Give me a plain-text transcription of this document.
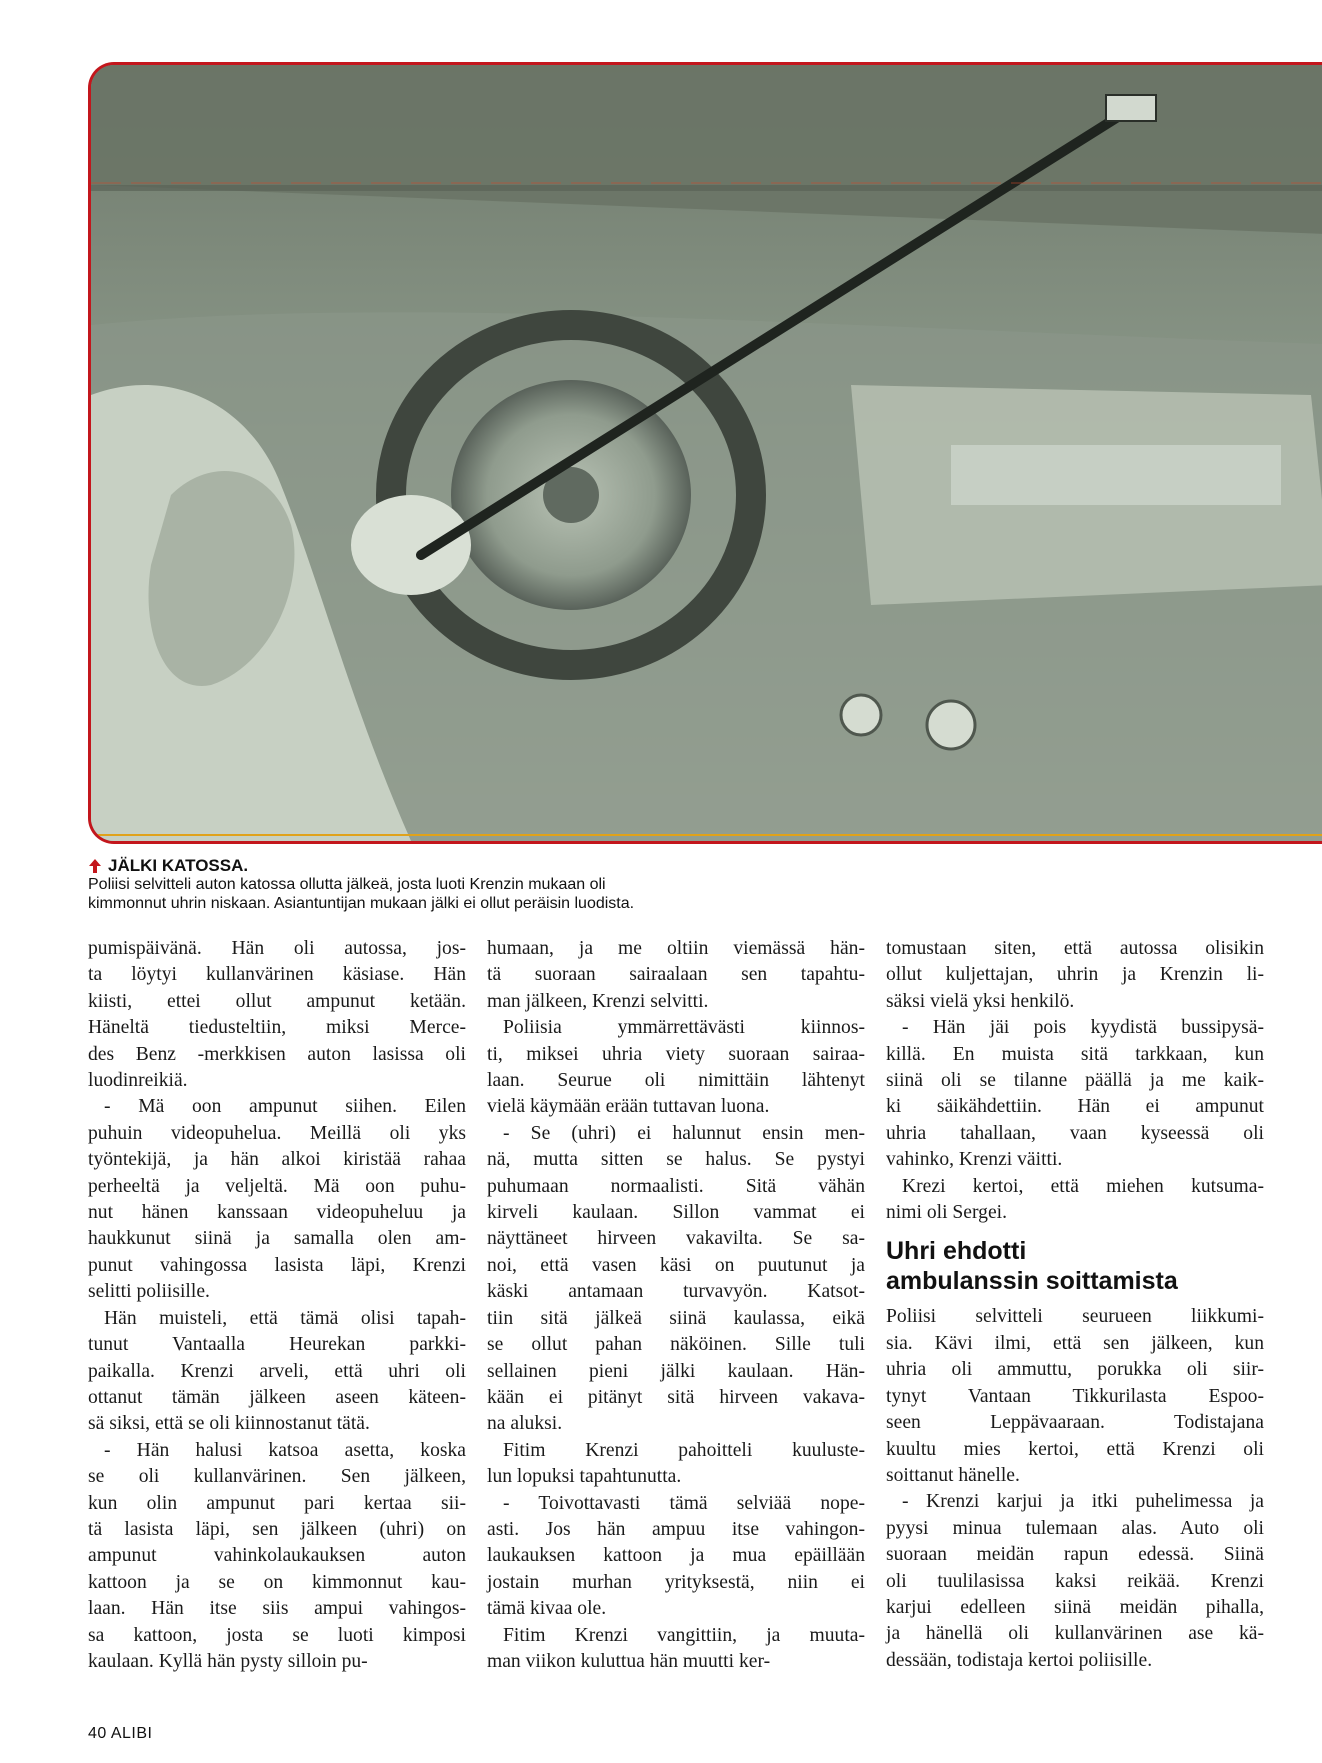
JÄLKI KATOSSA.
Poliisi selvitteli auton katossa ollutta jälkeä, josta luoti Krenzin mukaan oli
kimmonnut uhrin niskaan. Asiantuntijan mukaan jälki ei ollut peräisin luodista.

pumispäivänä. Hän oli autossa, jos-
ta löytyi kullanvärinen käsiase. Hän
kiisti, ettei ollut ampunut ketään.
Häneltä tiedusteltiin, miksi Merce-
des Benz -merkkisen auton lasissa oli
luodinreikiä.

- Mä oon ampunut siihen. Eilen
puhuin videopuhelua. Meillä oli yks
työntekijä, ja hän alkoi kiristää rahaa
perheeltä ja veljeltä. Mä oon puhu-
nut hänen kanssaan videopuheluu ja
haukkunut siinä ja samalla olen am-
punut vahingossa lasista läpi, Krenzi
selitti poliisille.

Hän muisteli, että tämä olisi tapah-
tunut Vantaalla Heurekan parkki-
paikalla. Krenzi arveli, että uhri oli
ottanut tämän jälkeen aseen käteen-
sä siksi, että se oli kiinnostanut tätä.

- Hän halusi katsoa asetta, koska
se oli kullanvärinen. Sen jälkeen,
kun olin ampunut pari kertaa sii-
tä lasista läpi, sen jälkeen (uhri) on
ampunut vahinkolaukauksen auton
kattoon ja se on kimmonnut kau-
laan. Hän itse siis ampui vahingos-
sa kattoon, josta se luoti kimposi
kaulaan. Kyllä hän pysty silloin pu-

humaan, ja me oltiin viemässä hän-
tä suoraan sairaalaan sen tapahtu-
man jälkeen, Krenzi selvitti.

Poliisia ymmärrettävästi kiinnos-
ti, miksei uhria viety suoraan sairaa-
laan. Seurue oli nimittäin lähtenyt
vielä käymään erään tuttavan luona.

- Se (uhri) ei halunnut ensin men-
nä, mutta sitten se halus. Se pystyi
puhumaan normaalisti. Sitä vähän
kirveli kaulaan. Sillon vammat ei
näyttäneet hirveen vakavilta. Se sa-
noi, että vasen käsi on puutunut ja
käski antamaan turvavyön. Katsot-
tiin sitä jälkeä siinä kaulassa, eikä
se ollut pahan näköinen. Sille tuli
sellainen pieni jälki kaulaan. Hän-
kään ei pitänyt sitä hirveen vakava-
na aluksi.

Fitim Krenzi pahoitteli kuuluste-
lun lopuksi tapahtunutta.

- Toivottavasti tämä selviää nope-
asti. Jos hän ampuu itse vahingon-
laukauksen kattoon ja mua epäillään
jostain murhan yrityksestä, niin ei
tämä kivaa ole.

Fitim Krenzi vangittiin, ja muuta-
man viikon kuluttua hän muutti ker-

tomustaan siten, että autossa olisikin
ollut kuljettajan, uhrin ja Krenzin li-
säksi vielä yksi henkilö.

- Hän jäi pois kyydistä bussipysä-
killä. En muista sitä tarkkaan, kun
siinä oli se tilanne päällä ja me kaik-
ki säikähdettiin. Hän ei ampunut
uhria tahallaan, vaan kyseessä oli
vahinko, Krenzi väitti.

Krezi kertoi, että miehen kutsuma-
nimi oli Sergei.

Uhri ehdotti
ambulanssin soittamista

Poliisi selvitteli seurueen liikkumi-
sia. Kävi ilmi, että sen jälkeen, kun
uhria oli ammuttu, porukka oli siir-
tynyt Vantaan Tikkurilasta Espoo-
seen Leppävaaraan. Todistajana
kuultu mies kertoi, että Krenzi oli
soittanut hänelle.

- Krenzi karjui ja itki puhelimessa ja
pyysi minua tulemaan alas. Auto oli
suoraan meidän rapun edessä. Siinä
oli tuulilasissa kaksi reikää. Krenzi
karjui edelleen siinä meidän pihalla,
ja hänellä oli kullanvärinen ase kä-
dessään, todistaja kertoi poliisille.

40 ALIBI
